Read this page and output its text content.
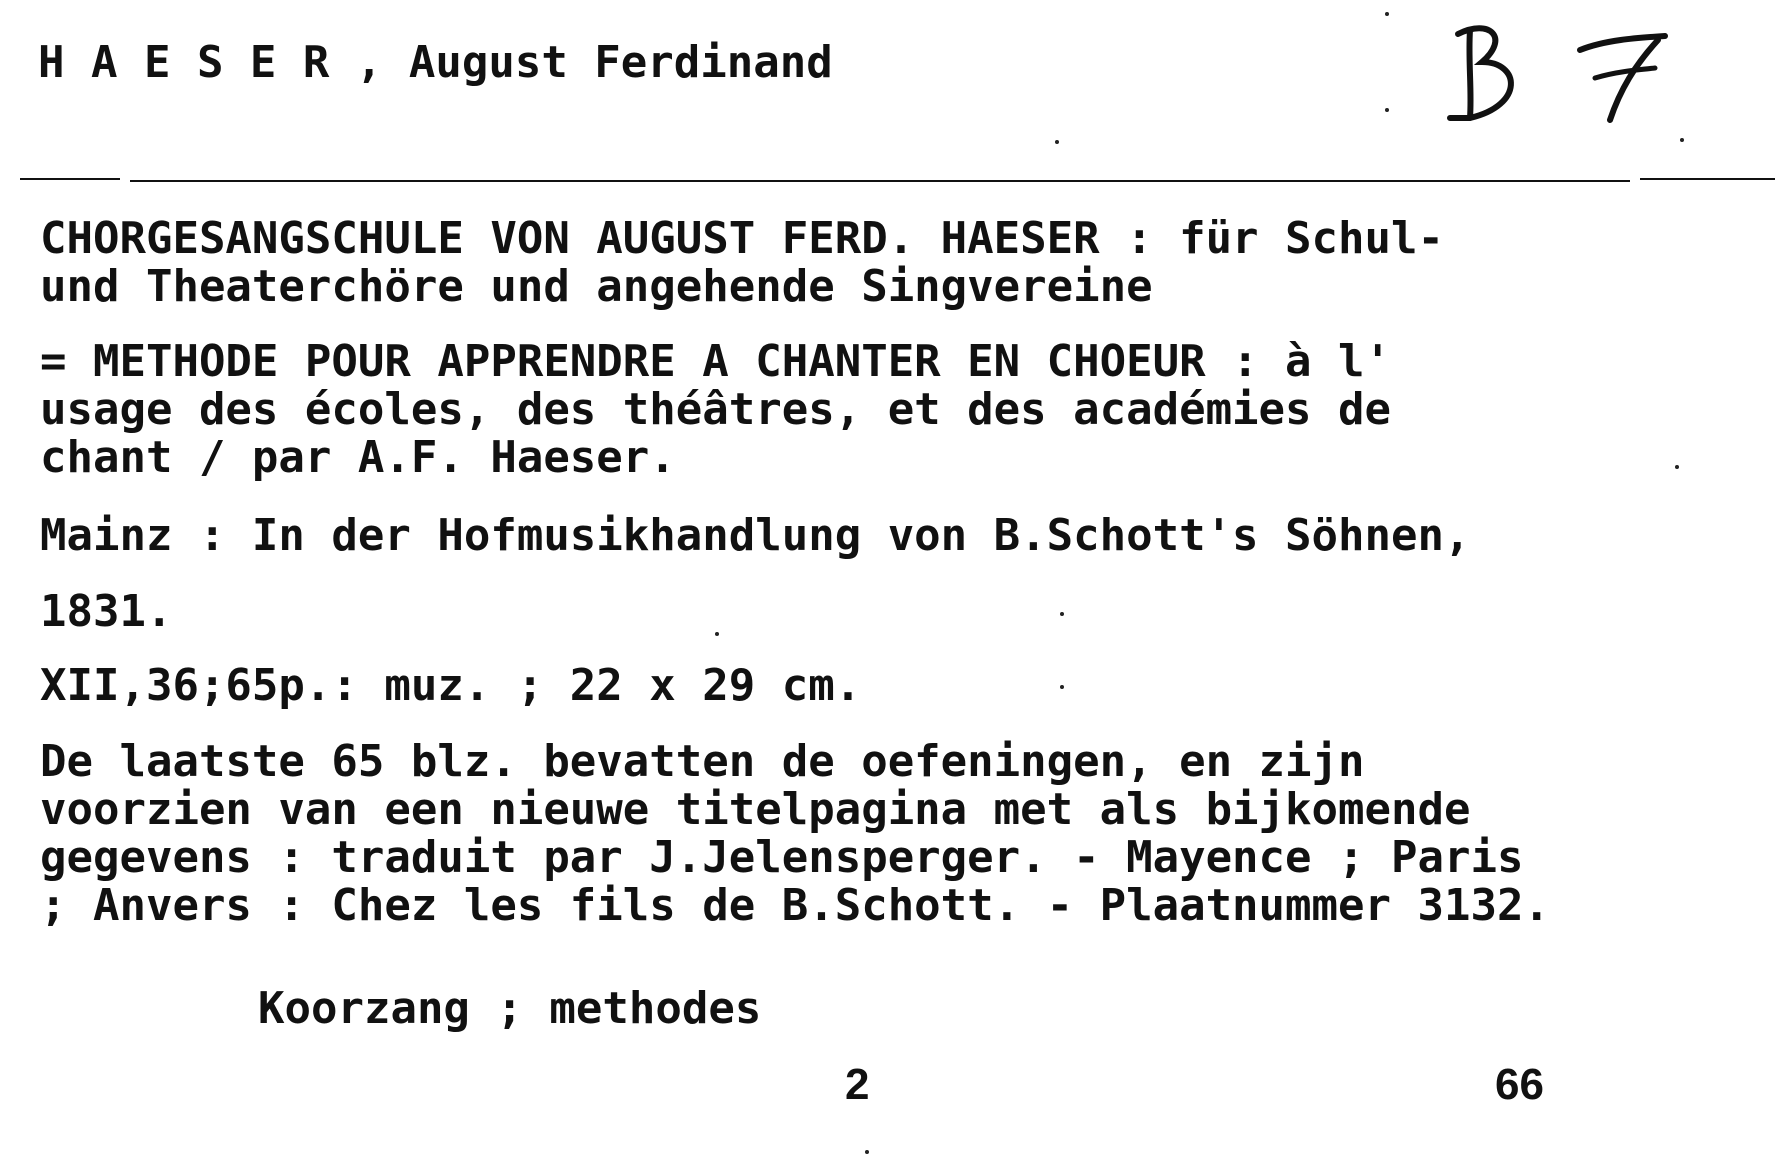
H A E S E R , August Ferdinand
CHORGESANGSCHULE VON AUGUST FERD. HAESER : für Schul-
und Theaterchöre und angehende Singvereine
= METHODE POUR APPRENDRE A CHANTER EN CHOEUR : à l'
usage des écoles, des théâtres, et des académies de
chant / par A.F. Haeser.
Mainz : In der Hofmusikhandlung von B.Schott's Söhnen,
1831.
XII,36;65p.: muz. ; 22 x 29 cm.
De laatste 65 blz. bevatten de oefeningen, en zijn
voorzien van een nieuwe titelpagina met als bijkomende
gegevens : traduit par J.Jelensperger. - Mayence ; Paris
; Anvers : Chez les fils de B.Schott. - Plaatnummer 3132.
Koorzang ; methodes
2	66
